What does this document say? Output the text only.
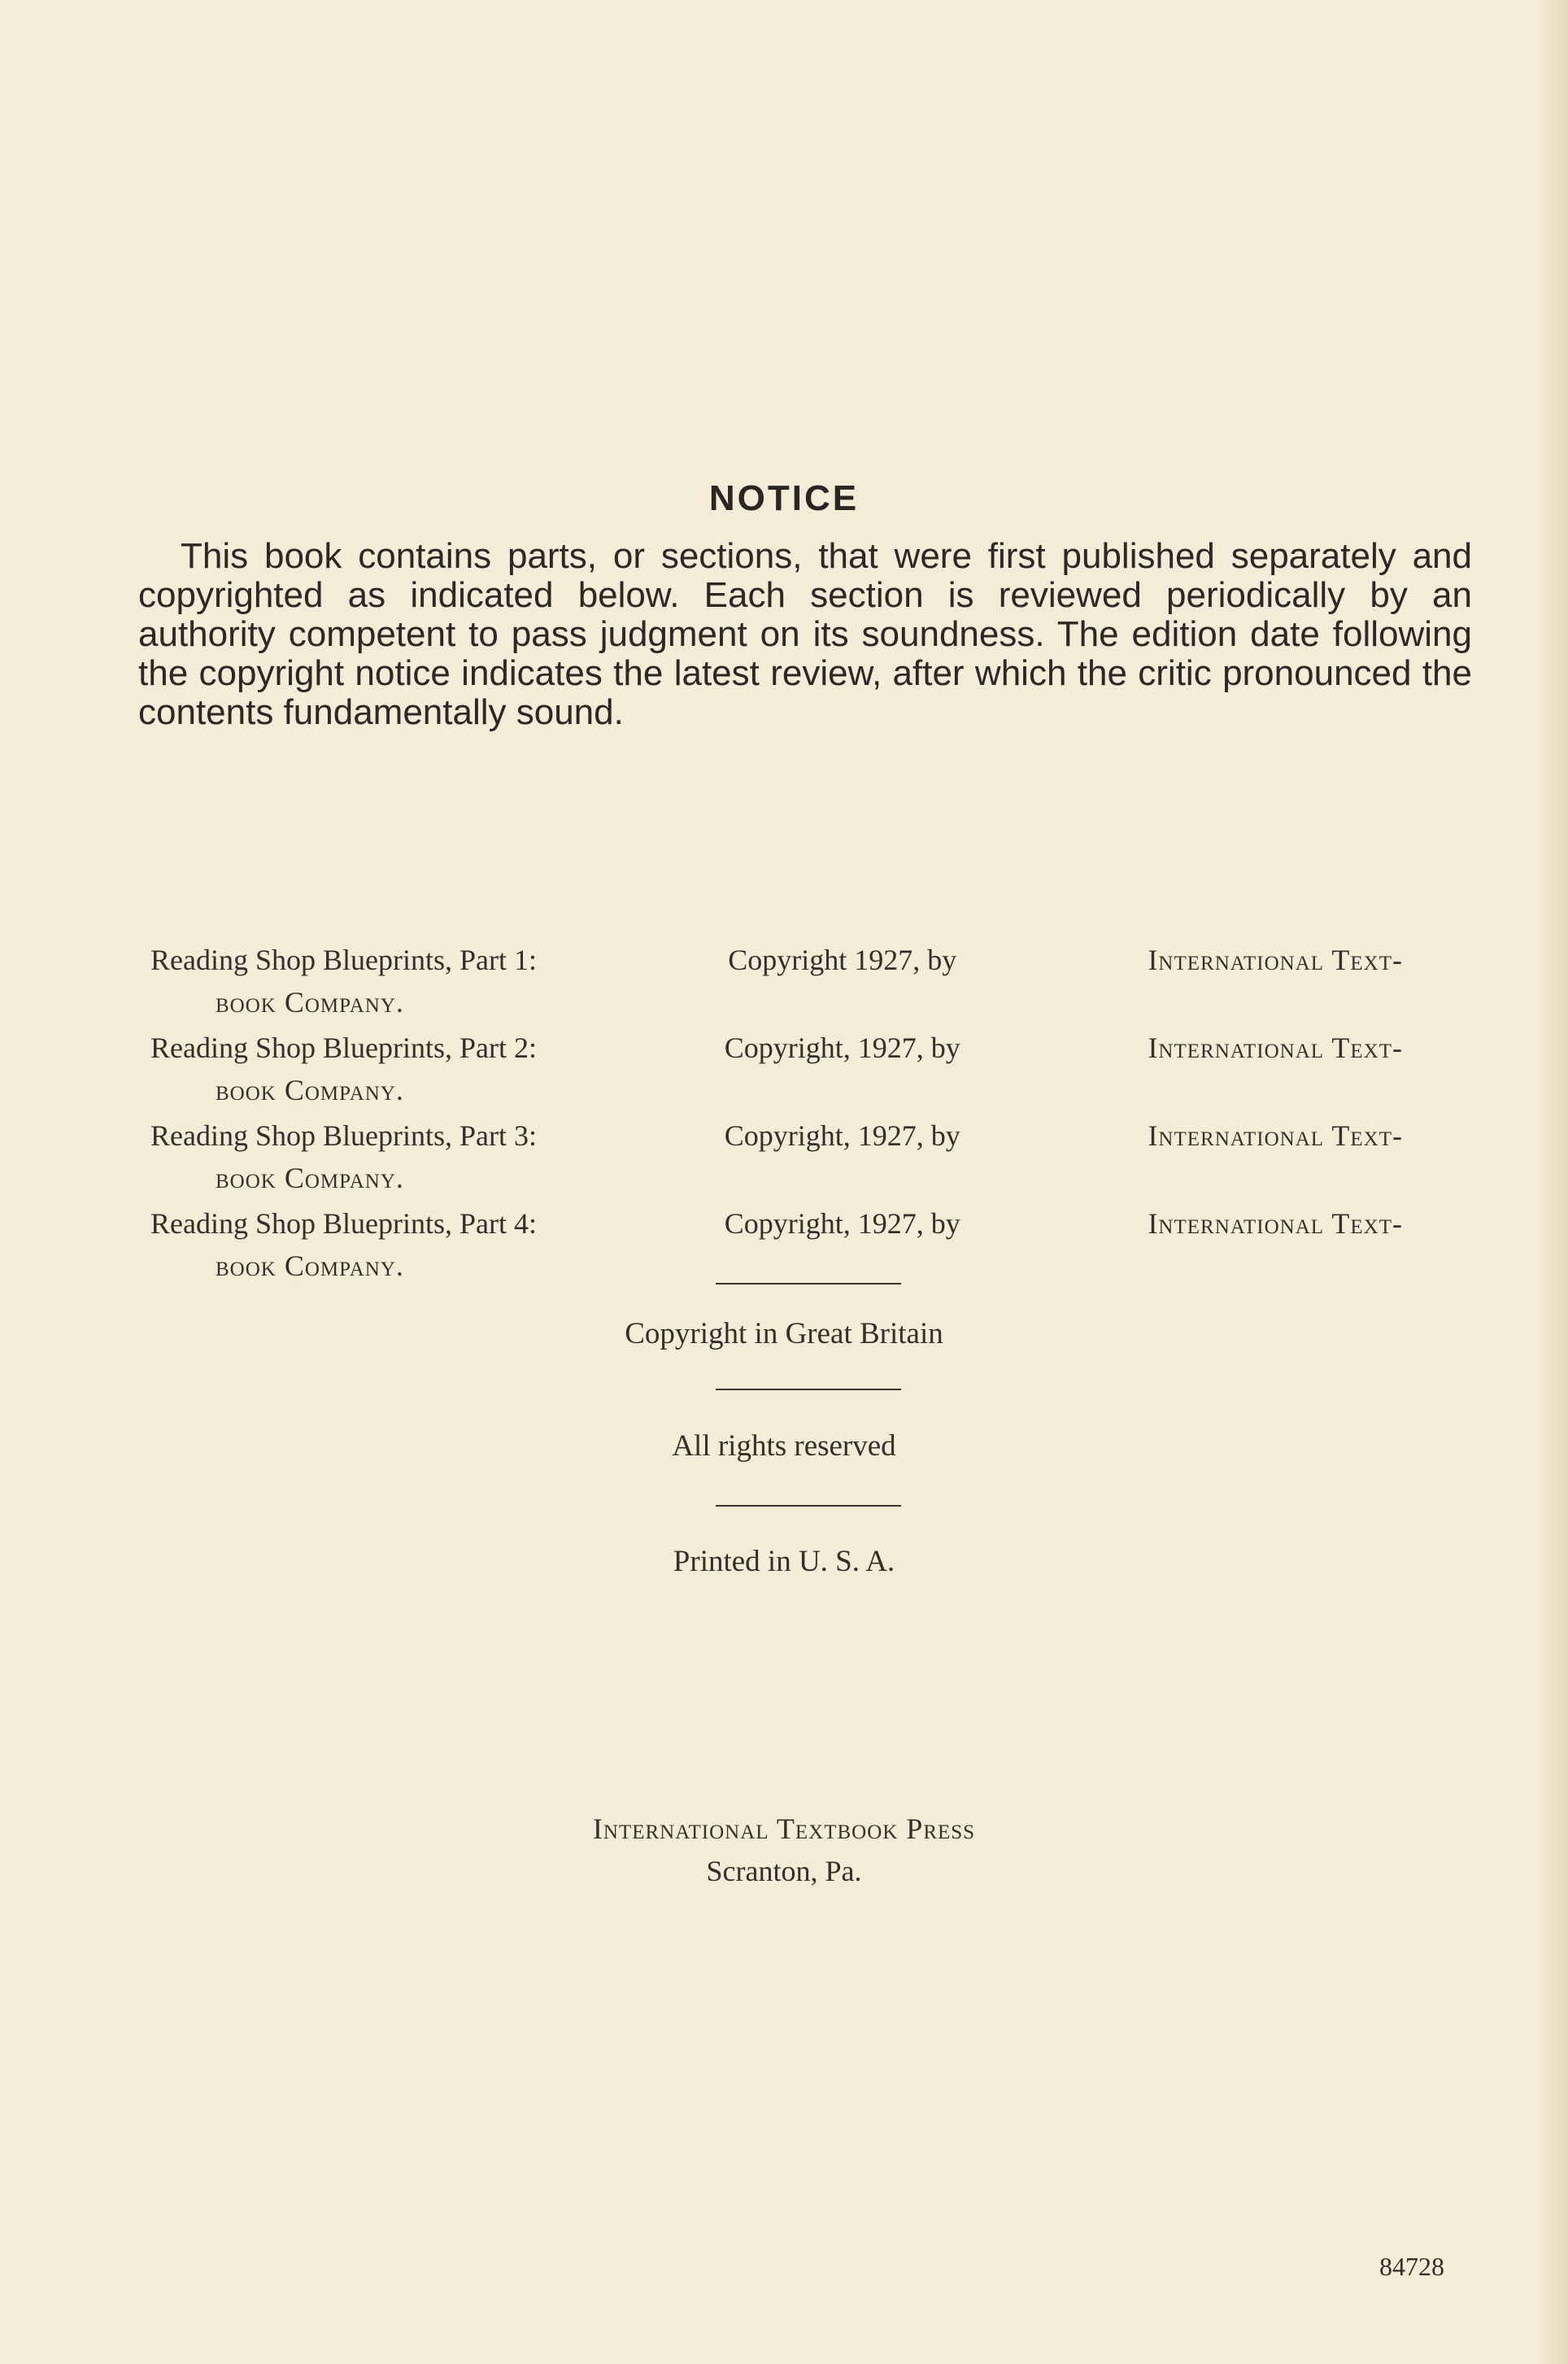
NOTICE
This book contains parts, or sections, that were first published separately and copyrighted as indicated below. Each section is reviewed periodically by an authority competent to pass judgment on its soundness. The edition date following the copyright notice indicates the latest review, after which the critic pronounced the contents fundamentally sound.
Reading Shop Blueprints, Part 1:	Copyright 1927, by	International Text-
book Company.
Reading Shop Blueprints, Part 2:	Copyright, 1927, by	International Text-
book Company.
Reading Shop Blueprints, Part 3:	Copyright, 1927, by	International Text-
book Company.
Reading Shop Blueprints, Part 4:	Copyright, 1927, by	International Text-
book Company.
Copyright in Great Britain
All rights reserved
Printed in U. S. A.
International Textbook Press
Scranton, Pa.
84728
